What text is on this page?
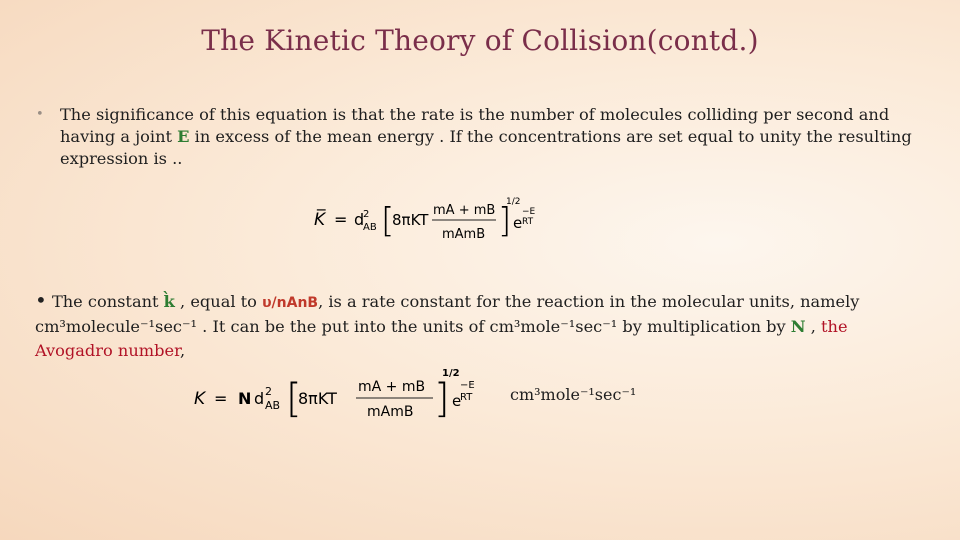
The Kinetic Theory of Collision(contd.)
• The significance of this equation is that the rate is the number of molecules colliding per second and having a joint E in excess of the mean energy . If the concentrations are set equal to unity the resulting expression is ..
K̅ = d
2
AB [
8πKT
mA + mB
mAmB ]
1/2
e
−E
RT
• The constant k̀ , equal to υ/nAnB, is a rate constant for the reaction in the molecular units, namely cm³molecule⁻¹sec⁻¹ . It can be the put into the units of cm³mole⁻¹sec⁻¹ by multiplication by N , the Avogadro number,
K = N d 2
AB [
8πKT
mA + mB
mAmB ]
1/2
e
−E
RT cm³mole⁻¹sec⁻¹
